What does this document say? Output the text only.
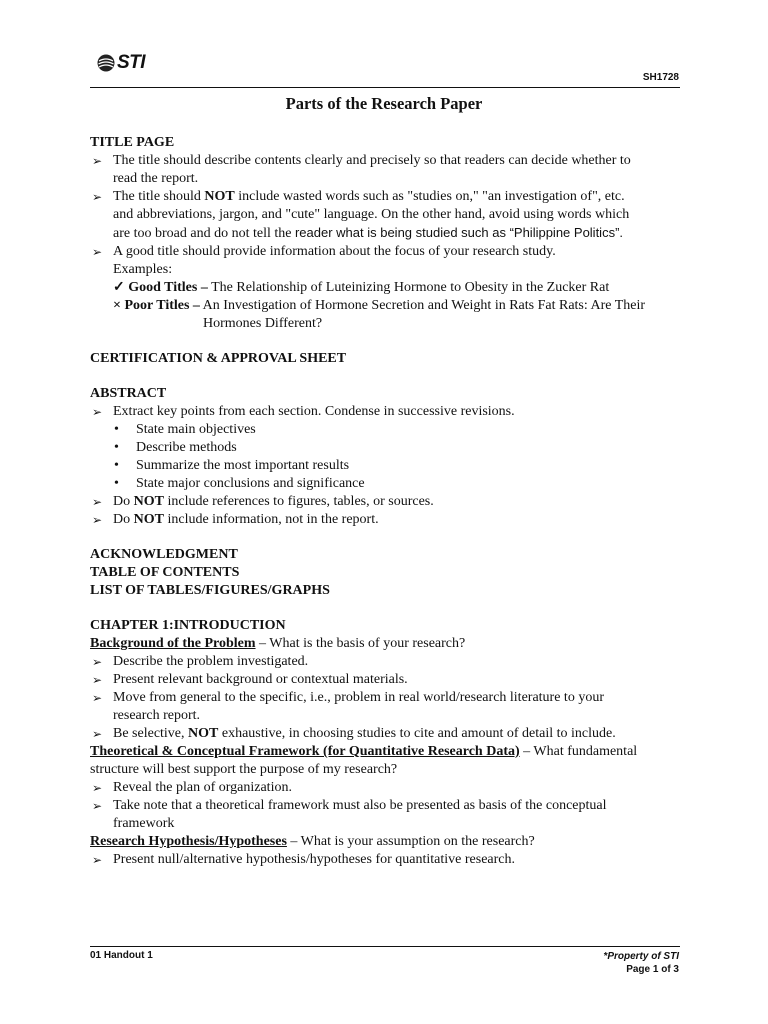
STI
SH1728
Parts of the Research Paper
TITLE PAGE
➢ The title should describe contents clearly and precisely so that readers can decide whether to
read the report.
➢ The title should NOT include wasted words such as "studies on," "an investigation of", etc.
and abbreviations, jargon, and "cute" language. On the other hand, avoid using words which
are too broad and do not tell the reader what is being studied such as “Philippine Politics”.
➢ A good title should provide information about the focus of your research study.
Examples:
✓ Good Titles – The Relationship of Luteinizing Hormone to Obesity in the Zucker Rat
× Poor Titles – An Investigation of Hormone Secretion and Weight in Rats Fat Rats: Are Their
Hormones Different?
CERTIFICATION & APPROVAL SHEET
ABSTRACT
➢ Extract key points from each section. Condense in successive revisions.
• State main objectives
• Describe methods
• Summarize the most important results
• State major conclusions and significance
➢ Do NOT include references to figures, tables, or sources.
➢ Do NOT include information, not in the report.
ACKNOWLEDGMENT
TABLE OF CONTENTS
LIST OF TABLES/FIGURES/GRAPHS
CHAPTER 1:INTRODUCTION
Background of the Problem – What is the basis of your research?
➢ Describe the problem investigated.
➢ Present relevant background or contextual materials.
➢ Move from general to the specific, i.e., problem in real world/research literature to your
research report.
➢ Be selective, NOT exhaustive, in choosing studies to cite and amount of detail to include.
Theoretical & Conceptual Framework (for Quantitative Research Data) – What fundamental
structure will best support the purpose of my research?
➢ Reveal the plan of organization.
➢ Take note that a theoretical framework must also be presented as basis of the conceptual
framework
Research Hypothesis/Hypotheses – What is your assumption on the research?
➢ Present null/alternative hypothesis/hypotheses for quantitative research.
01 Handout 1	*Property of STI
Page 1 of 3
